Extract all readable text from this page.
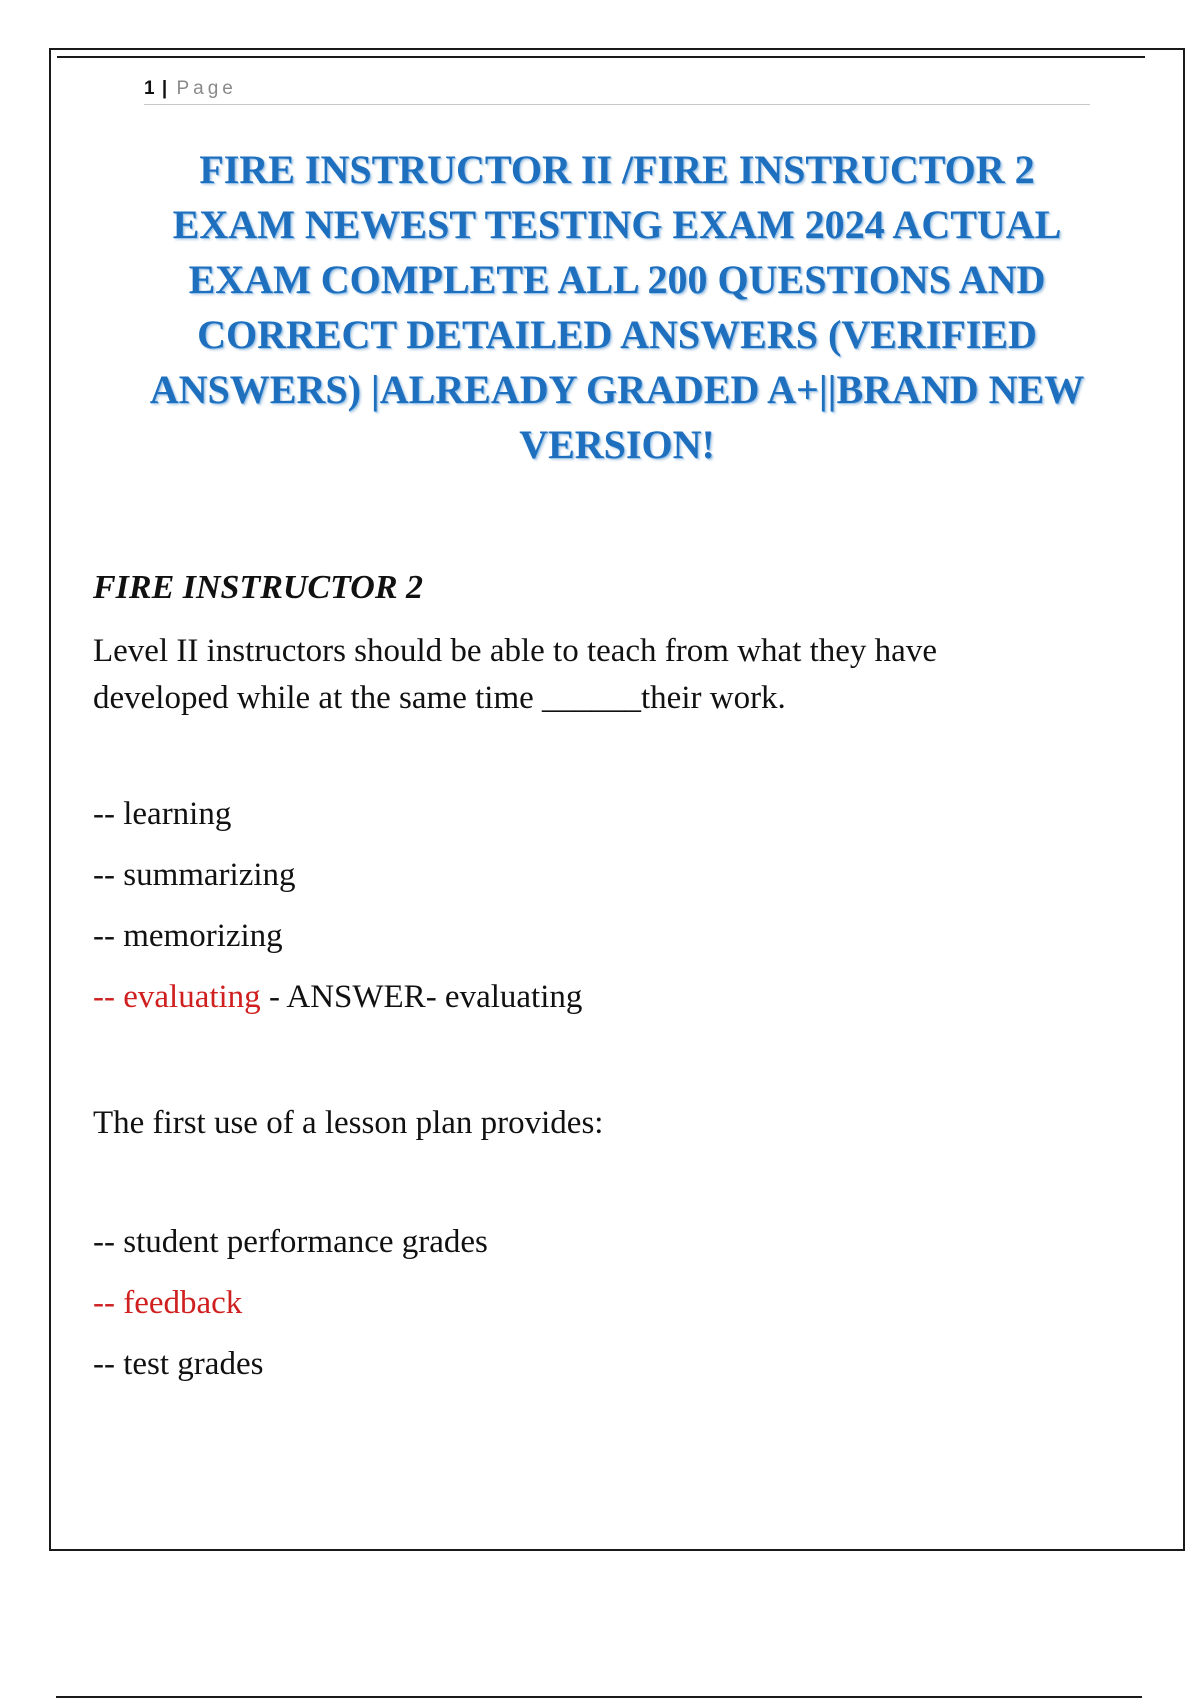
1 | Page
FIRE INSTRUCTOR II /FIRE INSTRUCTOR 2 EXAM NEWEST TESTING EXAM 2024 ACTUAL EXAM COMPLETE ALL 200 QUESTIONS AND CORRECT DETAILED ANSWERS (VERIFIED ANSWERS) |ALREADY GRADED A+||BRAND NEW VERSION!
FIRE INSTRUCTOR 2

Level II instructors should be able to teach from what they have developed while at the same time ______their work.

-- learning

-- summarizing

-- memorizing

-- evaluating - ANSWER- evaluating

The first use of a lesson plan provides:

-- student performance grades

-- feedback

-- test grades
